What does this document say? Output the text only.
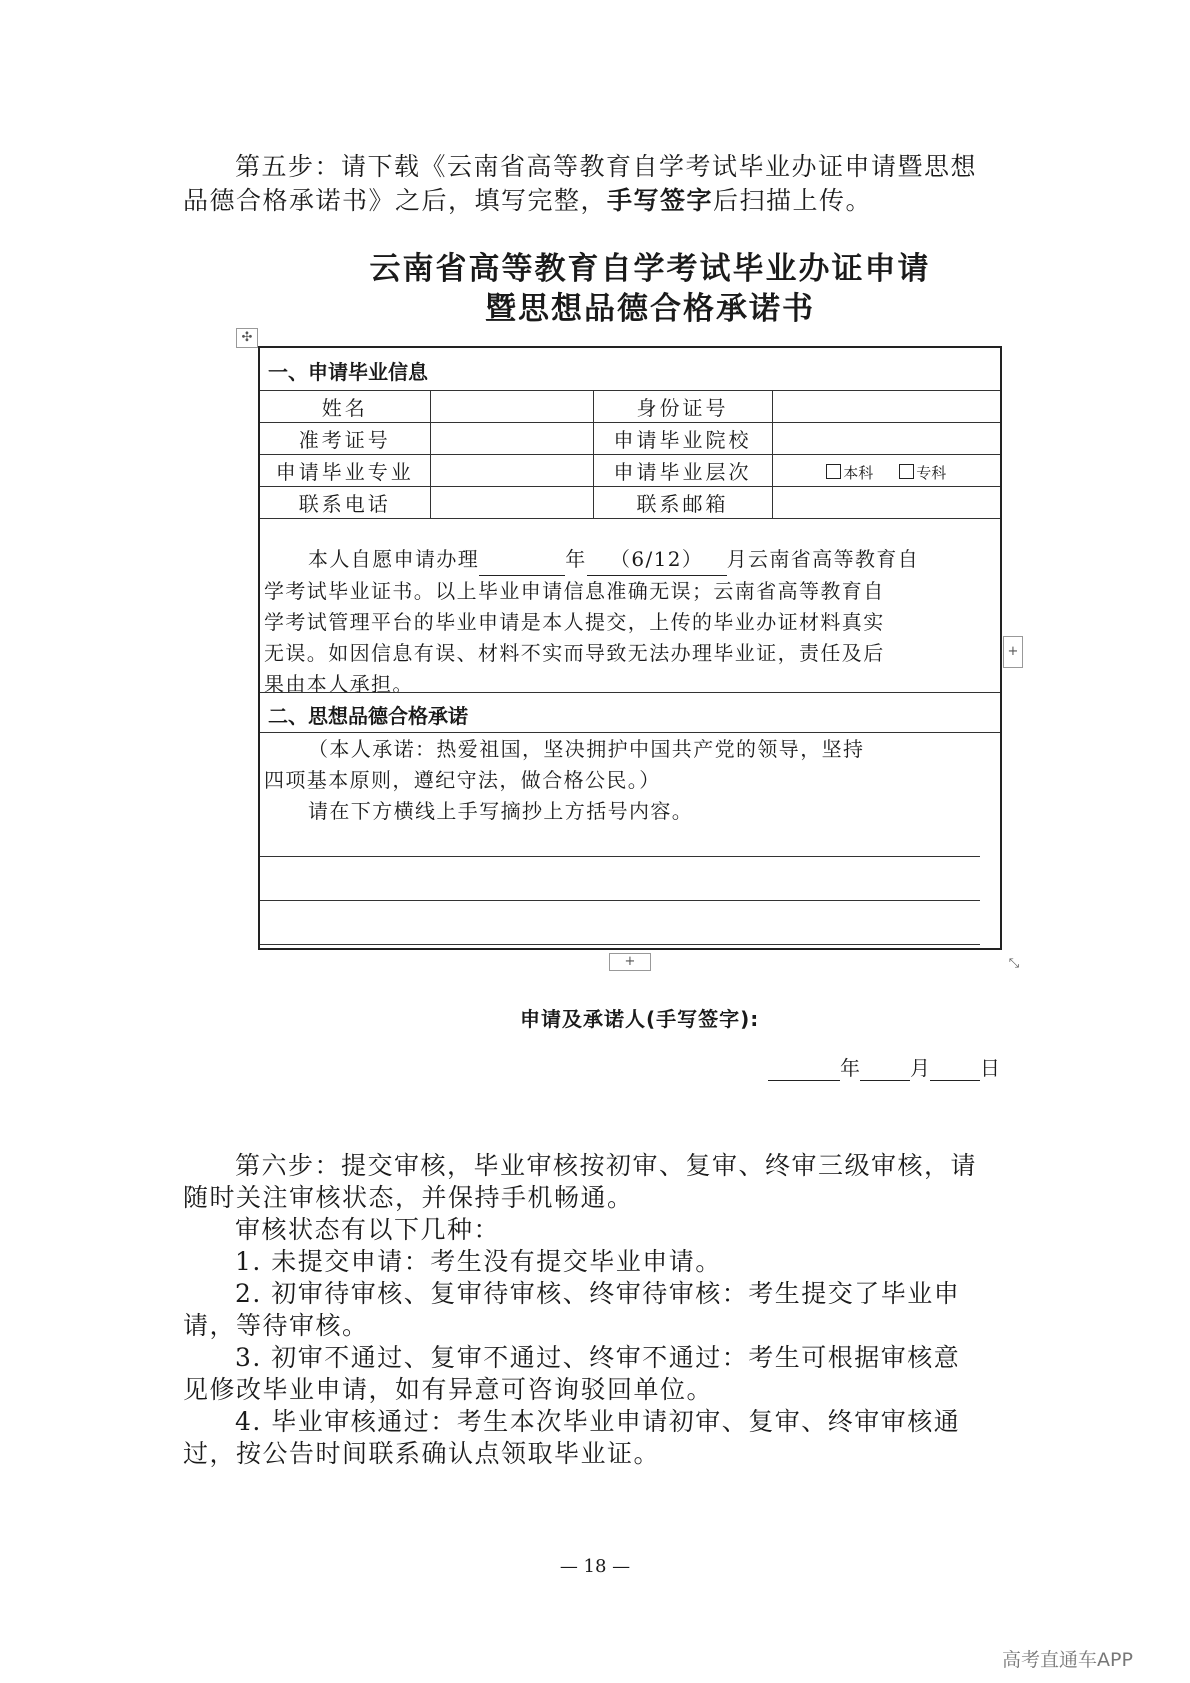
第五步：请下载《云南省高等教育自学考试毕业办证申请暨思想
品德合格承诺书》之后，填写完整，手写签字后扫描上传。
云南省高等教育自学考试毕业办证申请
暨思想品德合格承诺书
✣
一、申请毕业信息
姓名		身份证号	
准考证号		申请毕业院校	
申请毕业专业		申请毕业层次	本科 专科
联系电话		联系邮箱	
本人自愿申请办理	年 （6/12） 月云南省高等教育自
学考试毕业证书。以上毕业申请信息准确无误；云南省高等教育自
学考试管理平台的毕业申请是本人提交，上传的毕业办证材料真实
无误。如因信息有误、材料不实而导致无法办理毕业证，责任及后
果由本人承担。
二、思想品德合格承诺
（本人承诺：热爱祖国，坚决拥护中国共产党的领导，坚持
四项基本原则，遵纪守法，做合格公民。）
请在下方横线上手写摘抄上方括号内容。
+
+	⤡
申请及承诺人(手写签字):
年	月	日
第六步：提交审核，毕业审核按初审、复审、终审三级审核，请
随时关注审核状态，并保持手机畅通。
审核状态有以下几种：
1. 未提交申请：考生没有提交毕业申请。
2. 初审待审核、复审待审核、终审待审核：考生提交了毕业申
请，等待审核。
3. 初审不通过、复审不通过、终审不通过：考生可根据审核意
见修改毕业申请，如有异意可咨询驳回单位。
4. 毕业审核通过：考生本次毕业申请初审、复审、终审审核通
过，按公告时间联系确认点领取毕业证。
— 18 —
高考直通车APP
